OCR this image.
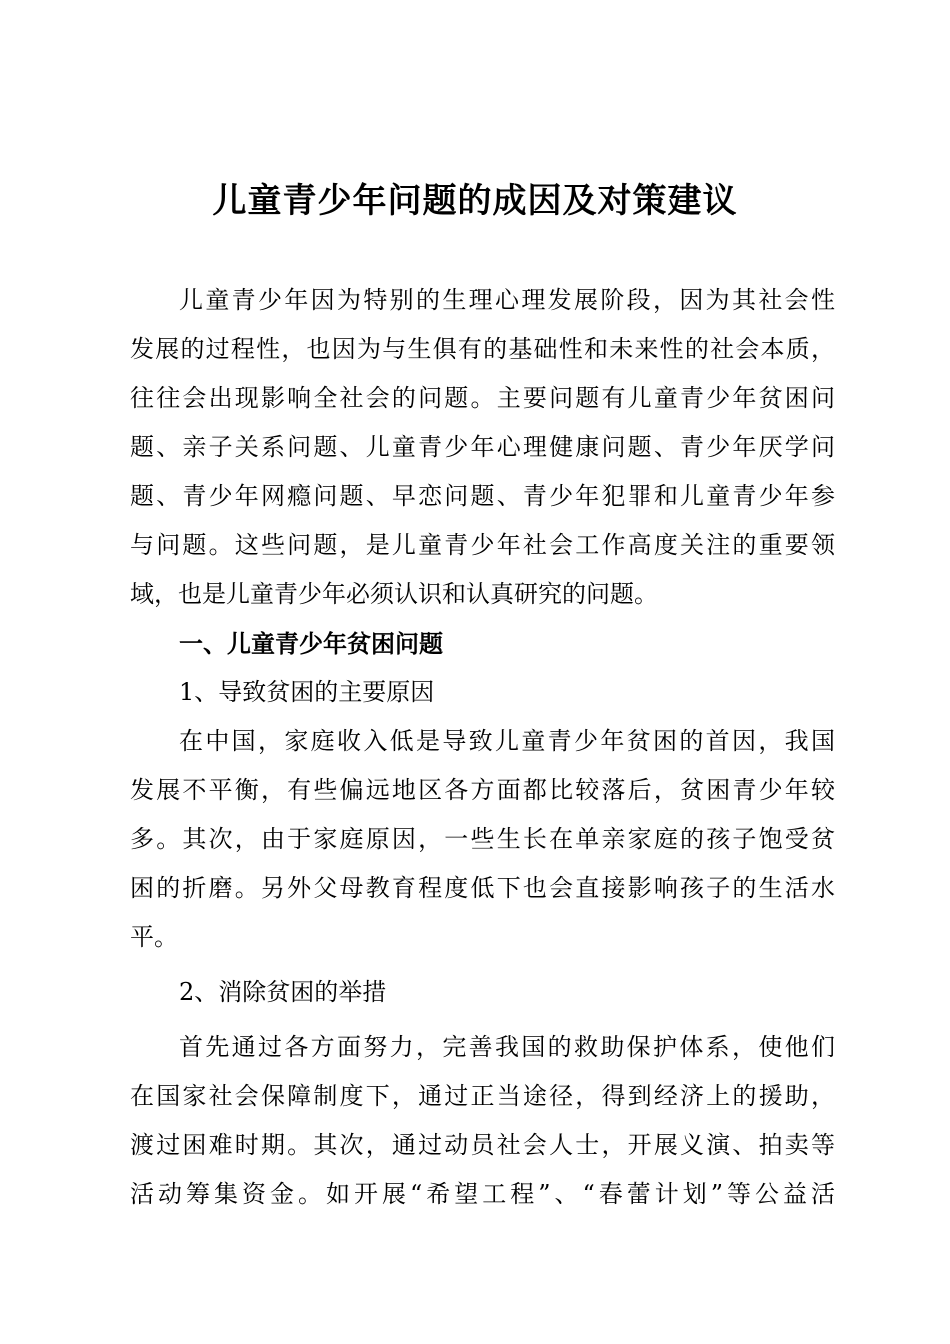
儿童青少年问题的成因及对策建议
儿童青少年因为特别的生理心理发展阶段，因为其社会性
发展的过程性，也因为与生俱有的基础性和未来性的社会本质，
往往会出现影响全社会的问题。主要问题有儿童青少年贫困问
题、亲子关系问题、儿童青少年心理健康问题、青少年厌学问
题、青少年网瘾问题、早恋问题、青少年犯罪和儿童青少年参
与问题。这些问题，是儿童青少年社会工作高度关注的重要领
域，也是儿童青少年必须认识和认真研究的问题。
一、儿童青少年贫困问题
1、导致贫困的主要原因
在中国，家庭收入低是导致儿童青少年贫困的首因，我国
发展不平衡，有些偏远地区各方面都比较落后，贫困青少年较
多。其次，由于家庭原因，一些生长在单亲家庭的孩子饱受贫
困的折磨。另外父母教育程度低下也会直接影响孩子的生活水
平。
2、消除贫困的举措
首先通过各方面努力，完善我国的救助保护体系，使他们
在国家社会保障制度下，通过正当途径，得到经济上的援助，
渡过困难时期。其次，通过动员社会人士，开展义演、拍卖等
活动筹集资金。如开展“希望工程”、“春蕾计划”等公益活
